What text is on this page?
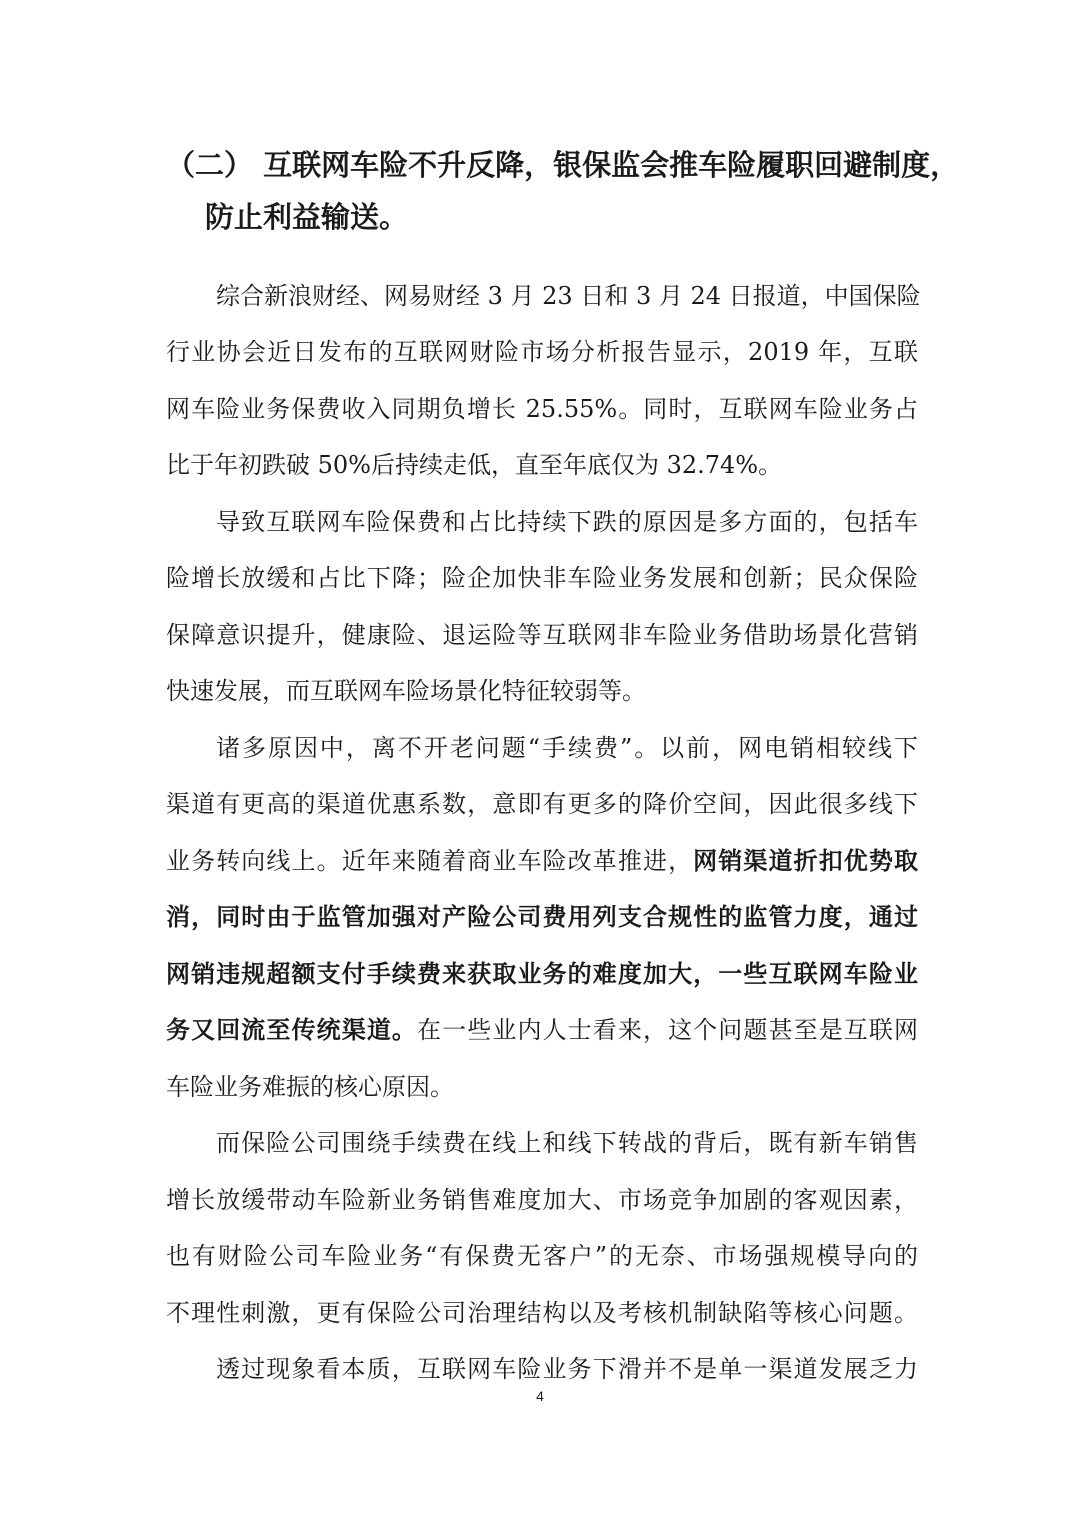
（二） 互联网车险不升反降，银保监会推车险履职回避制度，
防止利益输送。
综合新浪财经、网易财经 3 月 23 日和 3 月 24 日报道，中国保险
行业协会近日发布的互联网财险市场分析报告显示，2019 年，互联
网车险业务保费收入同期负增长 25.55%。同时，互联网车险业务占
比于年初跌破 50%后持续走低，直至年底仅为 32.74%。
导致互联网车险保费和占比持续下跌的原因是多方面的，包括车
险增长放缓和占比下降；险企加快非车险业务发展和创新；民众保险
保障意识提升，健康险、退运险等互联网非车险业务借助场景化营销
快速发展，而互联网车险场景化特征较弱等。
诸多原因中，离不开老问题“手续费”。以前，网电销相较线下
渠道有更高的渠道优惠系数，意即有更多的降价空间，因此很多线下
业务转向线上。近年来随着商业车险改革推进，网销渠道折扣优势取
消，同时由于监管加强对产险公司费用列支合规性的监管力度，通过
网销违规超额支付手续费来获取业务的难度加大，一些互联网车险业
务又回流至传统渠道。在一些业内人士看来，这个问题甚至是互联网
车险业务难振的核心原因。
而保险公司围绕手续费在线上和线下转战的背后，既有新车销售
增长放缓带动车险新业务销售难度加大、市场竞争加剧的客观因素，
也有财险公司车险业务“有保费无客户”的无奈、市场强规模导向的
不理性刺激，更有保险公司治理结构以及考核机制缺陷等核心问题。
透过现象看本质，互联网车险业务下滑并不是单一渠道发展乏力
4
